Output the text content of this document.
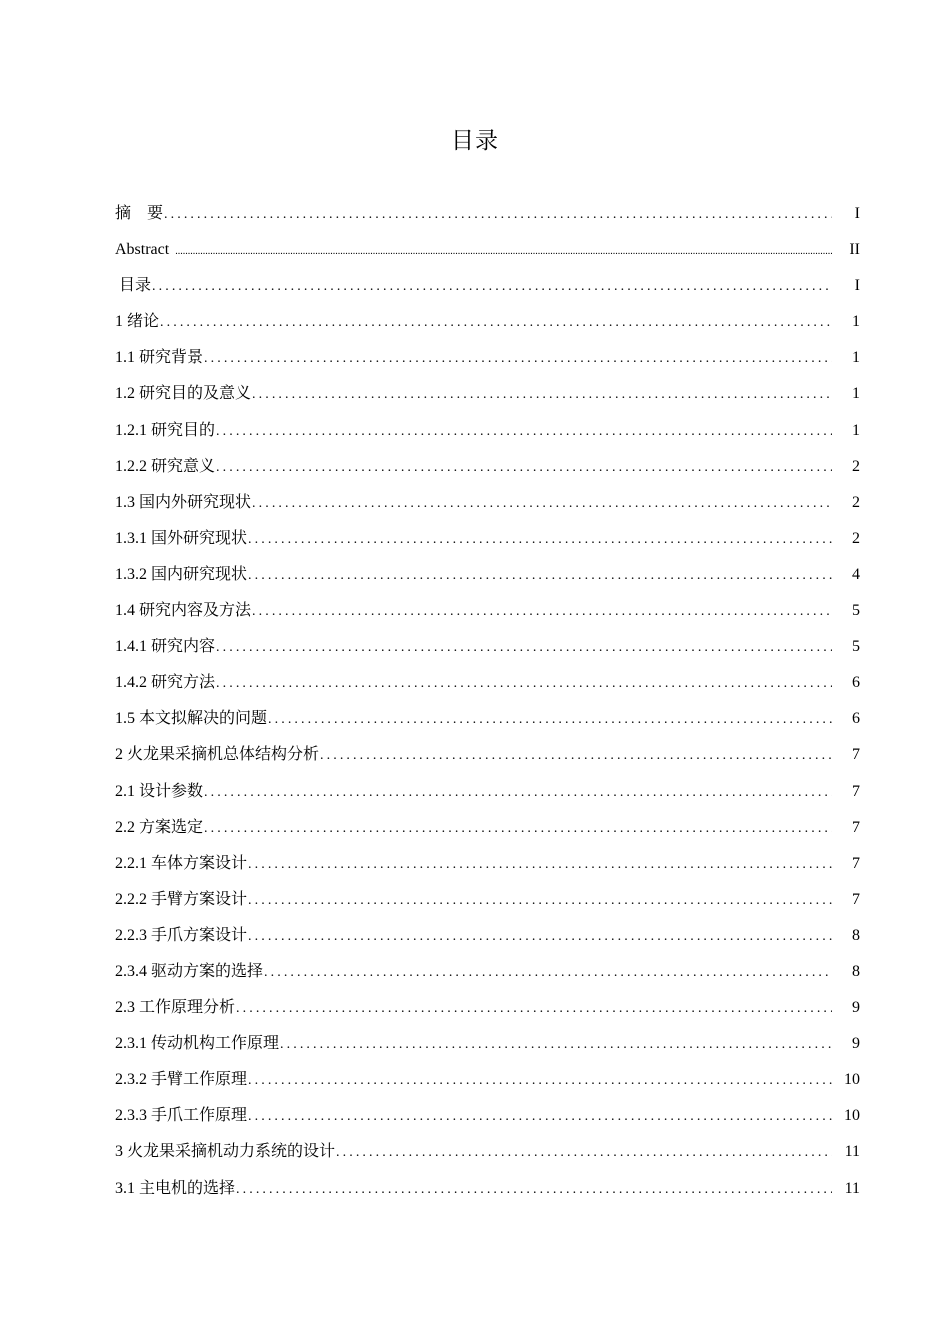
目录
摘　要 .....	I
Abstract .....	II
目录 .....	I
1 绪论 .....	1
1.1 研究背景 .....	1
1.2 研究目的及意义 .....	1
1.2.1 研究目的 .....	1
1.2.2 研究意义 .....	2
1.3 国内外研究现状 .....	2
1.3.1 国外研究现状 .....	2
1.3.2 国内研究现状 .....	4
1.4 研究内容及方法 .....	5
1.4.1 研究内容 .....	5
1.4.2 研究方法 .....	6
1.5 本文拟解决的问题 .....	6
2 火龙果采摘机总体结构分析 .....	7
2.1 设计参数 .....	7
2.2 方案选定 .....	7
2.2.1 车体方案设计 .....	7
2.2.2 手臂方案设计 .....	7
2.2.3 手爪方案设计 .....	8
2.3.4 驱动方案的选择 .....	8
2.3 工作原理分析 .....	9
2.3.1 传动机构工作原理 .....	9
2.3.2 手臂工作原理 .....	10
2.3.3 手爪工作原理 .....	10
3 火龙果采摘机动力系统的设计 .....	11
3.1 主电机的选择 .....	11
